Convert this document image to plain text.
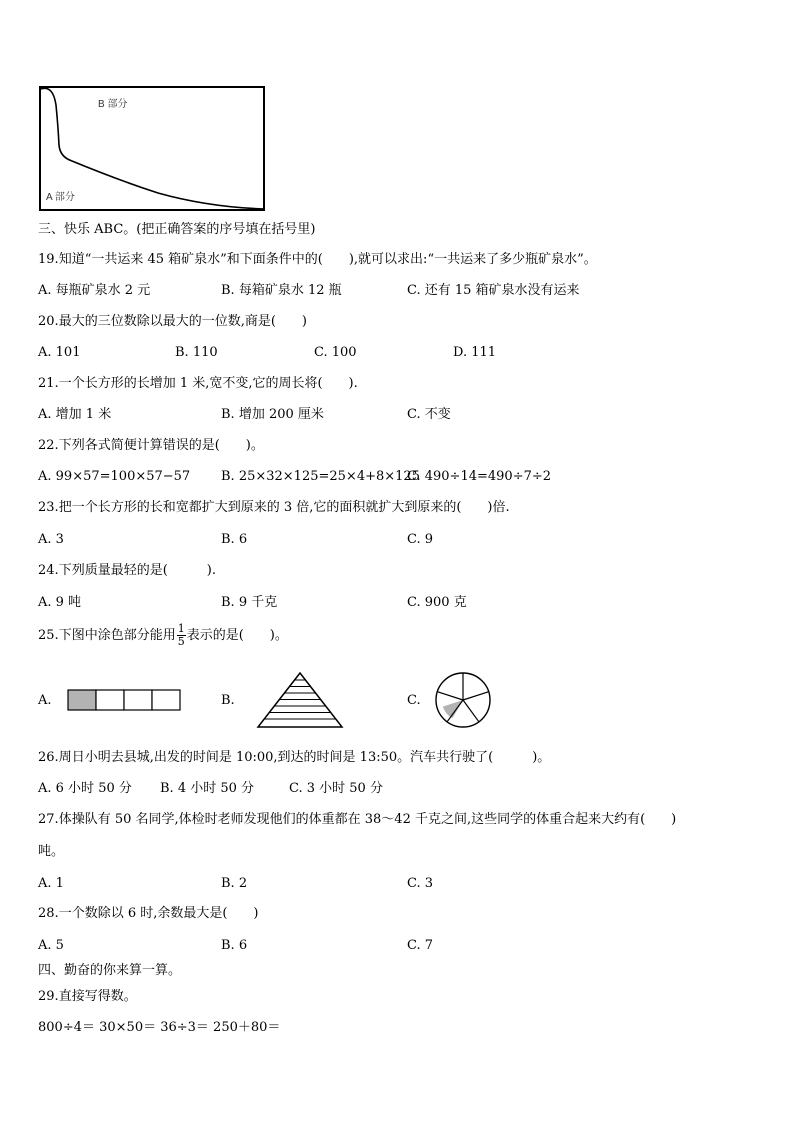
B 部分
A 部分
三、快乐 ABC。(把正确答案的序号填在括号里)
19.知道“一共运来 45 箱矿泉水”和下面条件中的(　　),就可以求出:“一共运来了多少瓶矿泉水”。
A. 每瓶矿泉水 2 元	B. 每箱矿泉水 12 瓶	C. 还有 15 箱矿泉水没有运来
20.最大的三位数除以最大的一位数,商是(　　)
A. 101	B. 110	C. 100	D. 111
21.一个长方形的长增加 1 米,宽不变,它的周长将(　　).
A. 增加 1 米	B. 增加 200 厘米	C. 不变
22.下列各式简便计算错误的是(　　)。
A. 99×57=100×57−57 B. 25×32×125=25×4+8×125
C. 490÷14=490÷7÷2
23.把一个长方形的长和宽都扩大到原来的 3 倍,它的面积就扩大到原来的(　　)倍.
A. 3	B. 6	C. 9
24.下列质量最轻的是(　　　).
A. 9 吨	B. 9 千克	C. 900 克
25.下图中涂色部分能用 $\frac{1}{5}$ 表示的是(　　)。
A.	B.	C.
26.周日小明去县城,出发的时间是 10:00,到达的时间是 13:50。汽车共行驶了(　　　)。
A. 6 小时 50 分 B. 4 小时 50 分	C. 3 小时 50 分
27.体操队有 50 名同学,体检时老师发现他们的体重都在 38～42 千克之间,这些同学的体重合起来大约有(　　)
吨。
A. 1	B. 2	C. 3
28.一个数除以 6 时,余数最大是(　　)
A. 5	B. 6	C. 7
四、勤奋的你来算一算。
29.直接写得数。
800÷4＝ 30×50＝ 36÷3＝ 250＋80＝
